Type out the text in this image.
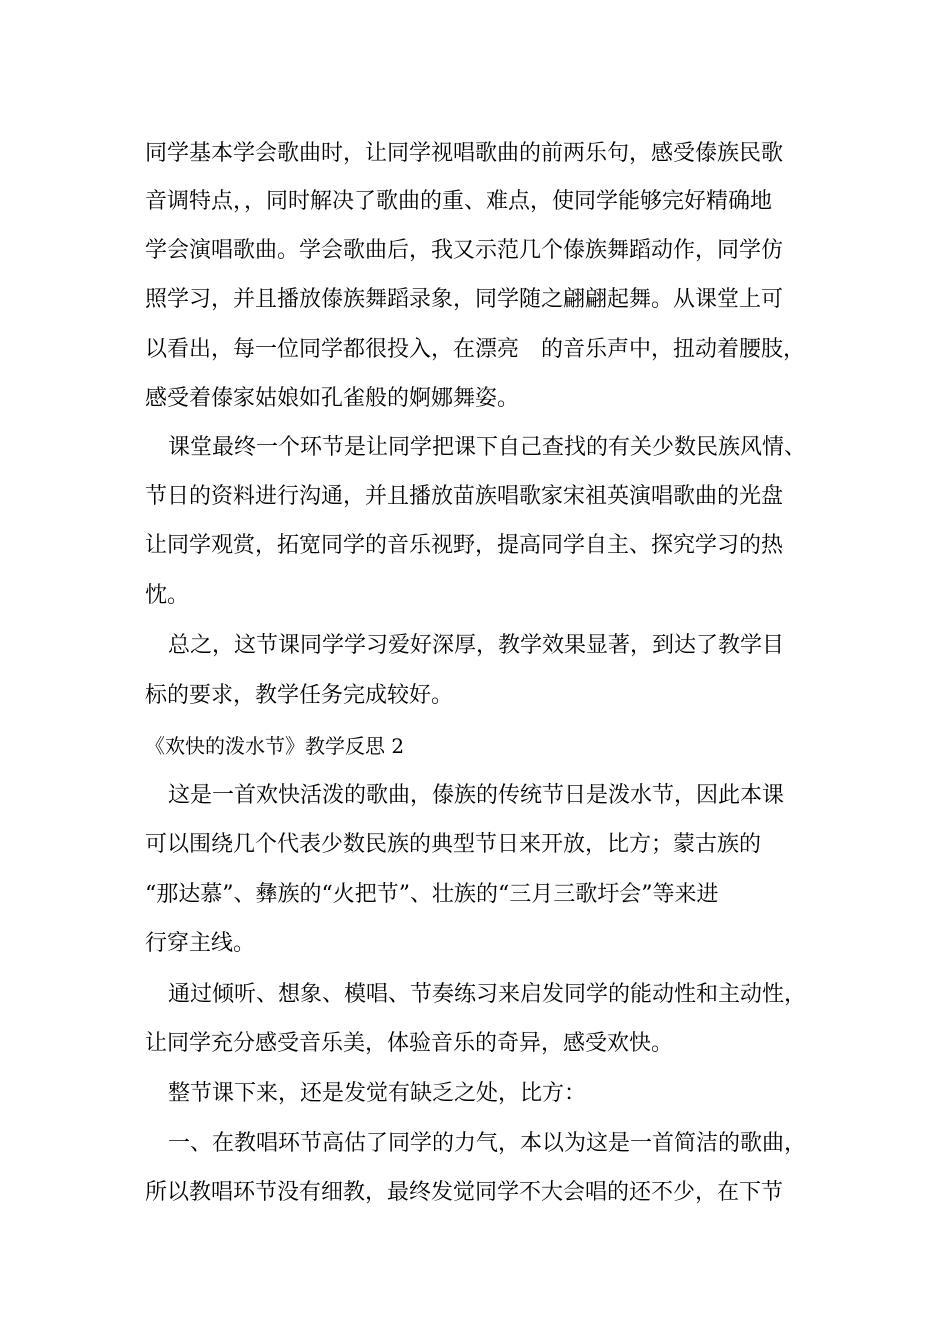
同学基本学会歌曲时，让同学视唱歌曲的前两乐句，感受傣族民歌
音调特点，，同时解决了歌曲的重、难点，使同学能够完好精确地
学会演唱歌曲。学会歌曲后，我又示范几个傣族舞蹈动作，同学仿
照学习，并且播放傣族舞蹈录象，同学随之翩翩起舞。从课堂上可
以看出，每一位同学都很投入，在漂亮　的音乐声中，扭动着腰肢，
感受着傣家姑娘如孔雀般的婀娜舞姿。
课堂最终一个环节是让同学把课下自己查找的有关少数民族风情、
节日的资料进行沟通，并且播放苗族唱歌家宋祖英演唱歌曲的光盘
让同学观赏，拓宽同学的音乐视野，提高同学自主、探究学习的热
忱。
总之，这节课同学学习爱好深厚，教学效果显著，到达了教学目
标的要求，教学任务完成较好。
《欢快的泼水节》教学反思 2
这是一首欢快活泼的歌曲，傣族的传统节日是泼水节，因此本课
可以围绕几个代表少数民族的典型节日来开放，比方；蒙古族的
“那达慕”、彝族的“火把节”、壮族的“三月三歌圩会”等来进
行穿主线。
通过倾听、想象、模唱、节奏练习来启发同学的能动性和主动性，
让同学充分感受音乐美，体验音乐的奇异，感受欢快。
整节课下来，还是发觉有缺乏之处，比方：
一、在教唱环节高估了同学的力气，本以为这是一首简洁的歌曲，
所以教唱环节没有细教，最终发觉同学不大会唱的还不少，在下节
